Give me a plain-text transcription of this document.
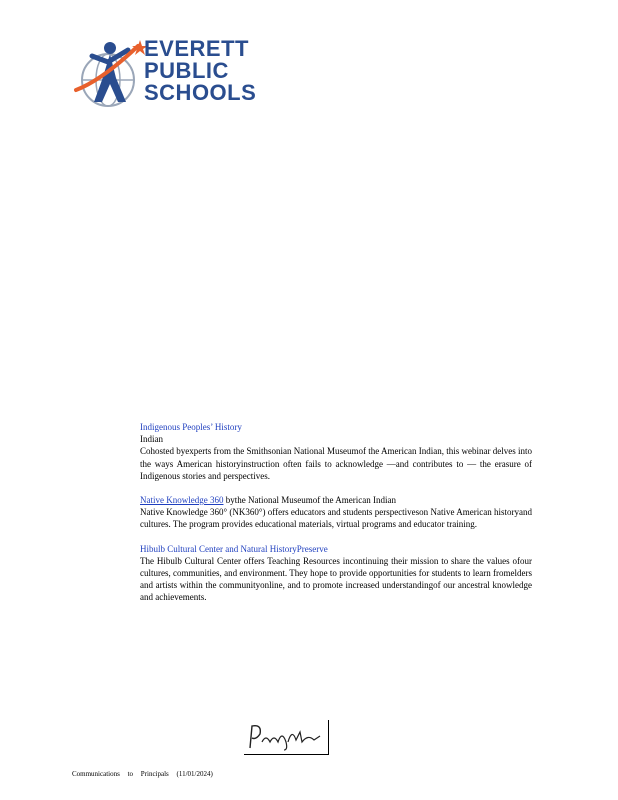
EVERETT
PUBLIC
SCHOOLS
Indigenous Peoples’ History
Indian
Cohosted byexperts from the Smithsonian National Museumof the American Indian, this webinar delves into the ways American historyinstruction often fails to acknowledge —and contributes to — the erasure of Indigenous stories and perspectives.
Native Knowledge 360 bythe National Museumof the American Indian
Native Knowledge 360° (NK360°) offers educators and students perspectiveson Native American historyand cultures. The program provides educational materials, virtual programs and educator training.
Hibulb Cultural Center and Natural HistoryPreserve
The Hibulb Cultural Center offers Teaching Resources incontinuing their mission to share the values ofour cultures, communities, and environment. They hope to provide opportunities for students to learn fromelders and artists within the communityonline, and to promote increased understandingof our ancestral knowledge and achievements.
Communications to Principals (11/01/2024)
